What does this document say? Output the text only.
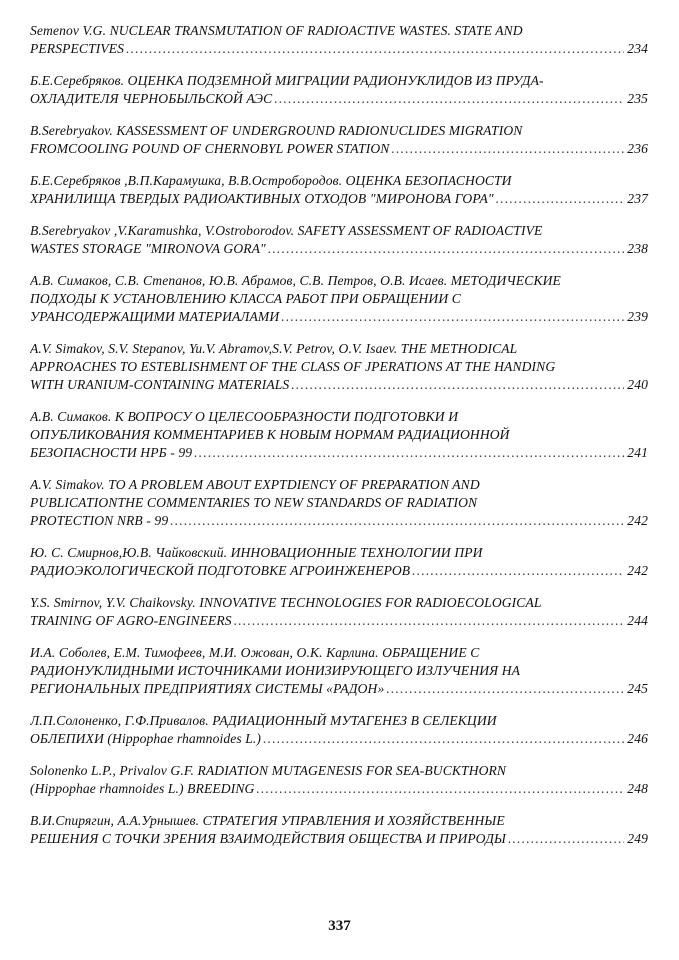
Semenov V.G. NUCLEAR TRANSMUTATION OF RADIOACTIVE WASTES. STATE AND
PERSPECTIVES .....	234
Б.Е.Серебряков. ОЦЕНКА ПОДЗЕМНОЙ МИГРАЦИИ РАДИОНУКЛИДОВ ИЗ ПРУДА-
ОХЛАДИТЕЛЯ ЧЕРНОБЫЛЬСКОЙ АЭС .....	235
B.Serebryakov. KASSESSMENT OF UNDERGROUND RADIONUCLIDES MIGRATION
FROMCOOLING POUND OF CHERNOBYL POWER STATION .....	236
Б.Е.Серебряков ,В.П.Карамушка, В.В.Остробородов. ОЦЕНКА БЕЗОПАСНОСТИ
ХРАНИЛИЩА ТВЕРДЫХ РАДИОАКТИВНЫХ ОТХОДОВ "МИРОНОВА ГОРА" .....	237
B.Serebryakov ,V.Karamushka, V.Ostroborodov. SAFETY ASSESSMENT OF RADIOACTIVE
WASTES STORAGE "MIRONOVA GORA" .....	238
А.В. Симаков, С.В. Степанов, Ю.В. Абрамов, С.В. Петров, О.В. Исаев. МЕТОДИЧЕСКИЕ
ПОДХОДЫ К УСТАНОВЛЕНИЮ КЛАССА РАБОТ ПРИ ОБРАЩЕНИИ С
УРАНСОДЕРЖАЩИМИ МАТЕРИАЛАМИ .....	239
A.V. Simakov, S.V. Stepanov, Yu.V. Abramov,S.V. Petrov, O.V. Isaev. THE METHODICAL
APPROACHES TO ESTEBLISHMENT OF THE CLASS OF JPERATIONS AT THE HANDING
WITH URANIUM-CONTAINING MATERIALS .....	240
А.В. Симаков. К ВОПРОСУ О ЦЕЛЕСООБРАЗНОСТИ ПОДГОТОВКИ И
ОПУБЛИКОВАНИЯ КОММЕНТАРИЕВ К НОВЫМ НОРМАМ РАДИАЦИОННОЙ
БЕЗОПАСНОСТИ НРБ - 99 .....	241
A.V. Simakov. TO A PROBLEM ABOUT EXPTDIENCY OF PREPARATION AND
PUBLICATIONTHE COMMENTARIES TO NEW STANDARDS OF RADIATION
PROTECTION NRB - 99 .....	242
Ю. С. Смирнов,Ю.В. Чайковский. ИННОВАЦИОННЫЕ ТЕХНОЛОГИИ ПРИ
РАДИОЭКОЛОГИЧЕСКОЙ ПОДГОТОВКЕ АГРОИНЖЕНЕРОВ .....	242
Y.S. Smirnov, Y.V. Chaikovsky. INNOVATIVE TECHNOLOGIES FOR RADIOECOLOGICAL
TRAINING OF AGRO-ENGINEERS .....	244
И.А. Соболев, Е.М. Тимофеев, М.И. Ожован, О.К. Карлина. ОБРАЩЕНИЕ С
РАДИОНУКЛИДНЫМИ ИСТОЧНИКАМИ ИОНИЗИРУЮЩЕГО ИЗЛУЧЕНИЯ НА
РЕГИОНАЛЬНЫХ ПРЕДПРИЯТИЯХ СИСТЕМЫ «РАДОН» .....	245
Л.П.Солоненко, Г.Ф.Привалов. РАДИАЦИОННЫЙ МУТАГЕНЕЗ В СЕЛЕКЦИИ
ОБЛЕПИХИ (Hippophae rhamnoides L.) .....	246
Solonenko L.P., Privalov G.F. RADIATION MUTAGENESIS FOR SEA-BUCKTHORN
(Hippophae rhamnoides L.) BREEDING .....	248
В.И.Спирягин, А.А.Урнышев. СТРАТЕГИЯ УПРАВЛЕНИЯ И ХОЗЯЙСТВЕННЫЕ
РЕШЕНИЯ С ТОЧКИ ЗРЕНИЯ ВЗАИМОДЕЙСТВИЯ ОБЩЕСТВА И ПРИРОДЫ .....	249
337
